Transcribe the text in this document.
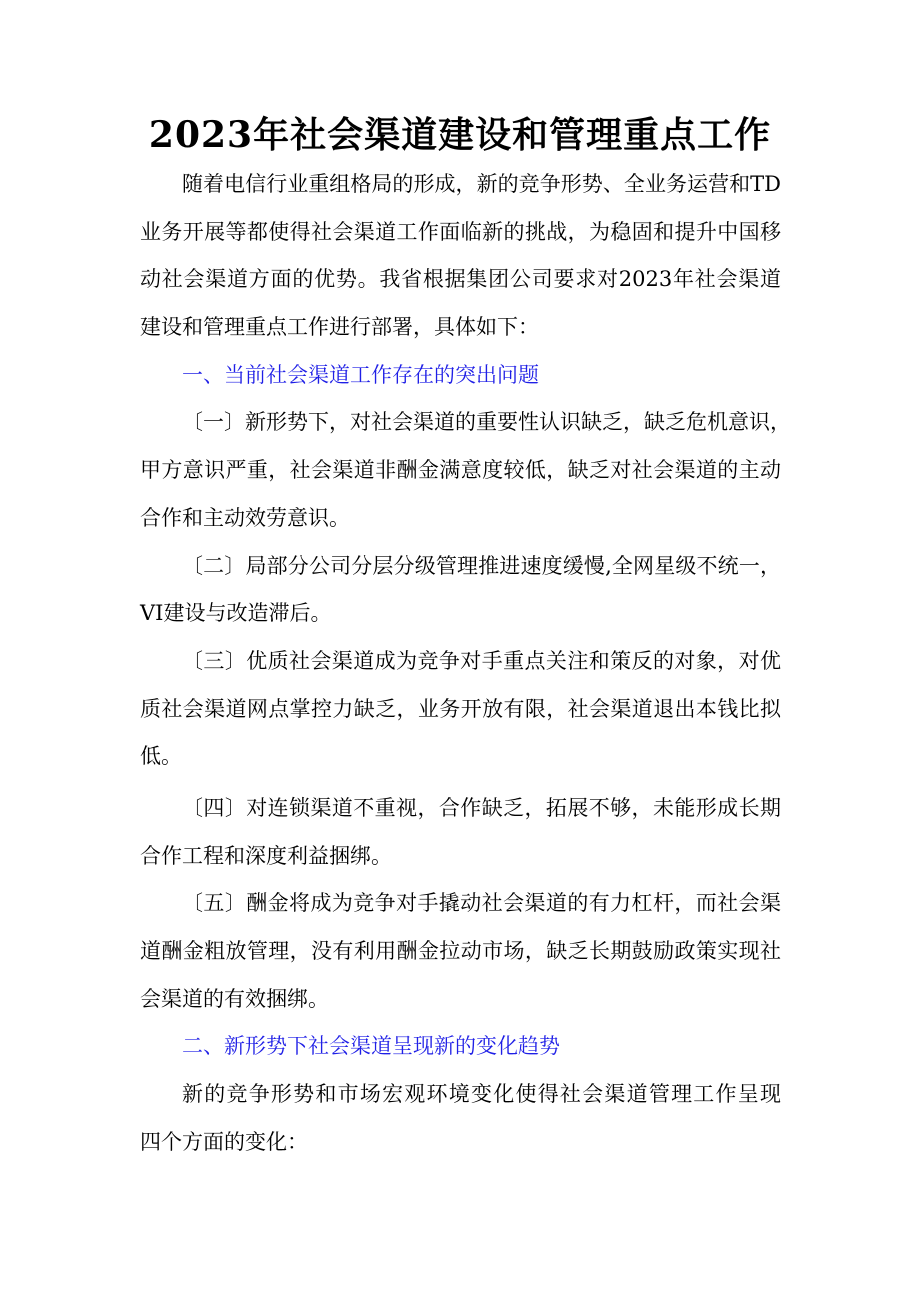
2023年社会渠道建设和管理重点工作
随着电信行业重组格局的形成，新的竞争形势、全业务运营和TD
业务开展等都使得社会渠道工作面临新的挑战，为稳固和提升中国移
动社会渠道方面的优势。我省根据集团公司要求对2023年社会渠道
建设和管理重点工作进行部署，具体如下：
一、当前社会渠道工作存在的突出问题
〔一〕新形势下，对社会渠道的重要性认识缺乏，缺乏危机意识，
甲方意识严重，社会渠道非酬金满意度较低，缺乏对社会渠道的主动
合作和主动效劳意识。
〔二〕局部分公司分层分级管理推进速度缓慢,全网星级不统一，
VI建设与改造滞后。
〔三〕优质社会渠道成为竞争对手重点关注和策反的对象，对优
质社会渠道网点掌控力缺乏，业务开放有限，社会渠道退出本钱比拟
低。
〔四〕对连锁渠道不重视，合作缺乏，拓展不够，未能形成长期
合作工程和深度利益捆绑。
〔五〕酬金将成为竞争对手撬动社会渠道的有力杠杆，而社会渠
道酬金粗放管理，没有利用酬金拉动市场，缺乏长期鼓励政策实现社
会渠道的有效捆绑。
二、新形势下社会渠道呈现新的变化趋势
新的竞争形势和市场宏观环境变化使得社会渠道管理工作呈现
四个方面的变化：
